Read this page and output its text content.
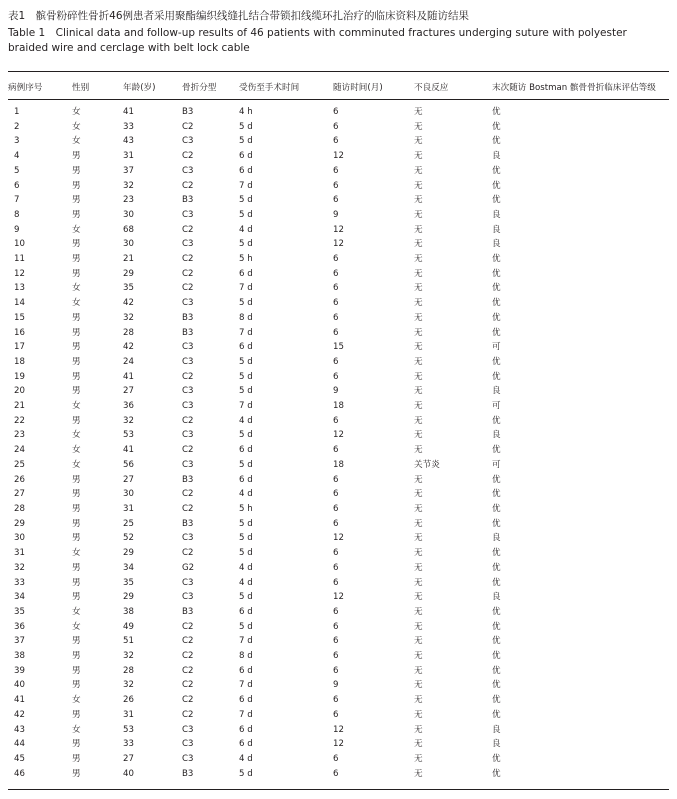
表1　髌骨粉碎性骨折46例患者采用聚酯编织线缝扎结合带锁扣线缆环扎治疗的临床资料及随访结果
Table 1　Clinical data and follow-up results of 46 patients with comminuted fractures underging suture with polyester braided wire and cerclage with belt lock cable
病例序号	性别	年龄(岁)	骨折分型	受伤至手术时间	随访时间(月)	不良反应	末次随访 Bostman 髌骨骨折临床评估等级

1	女	41	B3	4 h	6	无	优
2	女	33	C2	5 d	6	无	优
3	女	43	C3	5 d	6	无	优
4	男	31	C2	6 d	12	无	良
5	男	37	C3	6 d	6	无	优
6	男	32	C2	7 d	6	无	优
7	男	23	B3	5 d	6	无	优
8	男	30	C3	5 d	9	无	良
9	女	68	C2	4 d	12	无	良
10	男	30	C3	5 d	12	无	良
11	男	21	C2	5 h	6	无	优
12	男	29	C2	6 d	6	无	优
13	女	35	C2	7 d	6	无	优
14	女	42	C3	5 d	6	无	优
15	男	32	B3	8 d	6	无	优
16	男	28	B3	7 d	6	无	优
17	男	42	C3	6 d	15	无	可
18	男	24	C3	5 d	6	无	优
19	男	41	C2	5 d	6	无	优
20	男	27	C3	5 d	9	无	良
21	女	36	C3	7 d	18	无	可
22	男	32	C2	4 d	6	无	优
23	女	53	C3	5 d	12	无	良
24	女	41	C2	6 d	6	无	优
25	女	56	C3	5 d	18	关节炎	可
26	男	27	B3	6 d	6	无	优
27	男	30	C2	4 d	6	无	优
28	男	31	C2	5 h	6	无	优
29	男	25	B3	5 d	6	无	优
30	男	52	C3	5 d	12	无	良
31	女	29	C2	5 d	6	无	优
32	男	34	G2	4 d	6	无	优
33	男	35	C3	4 d	6	无	优
34	男	29	C3	5 d	12	无	良
35	女	38	B3	6 d	6	无	优
36	女	49	C2	5 d	6	无	优
37	男	51	C2	7 d	6	无	优
38	男	32	C2	8 d	6	无	优
39	男	28	C2	6 d	6	无	优
40	男	32	C2	7 d	9	无	优
41	女	26	C2	6 d	6	无	优
42	男	31	C2	7 d	6	无	优
43	女	53	C3	6 d	12	无	良
44	男	33	C3	6 d	12	无	良
45	男	27	C3	4 d	6	无	优
46	男	40	B3	5 d	6	无	优
